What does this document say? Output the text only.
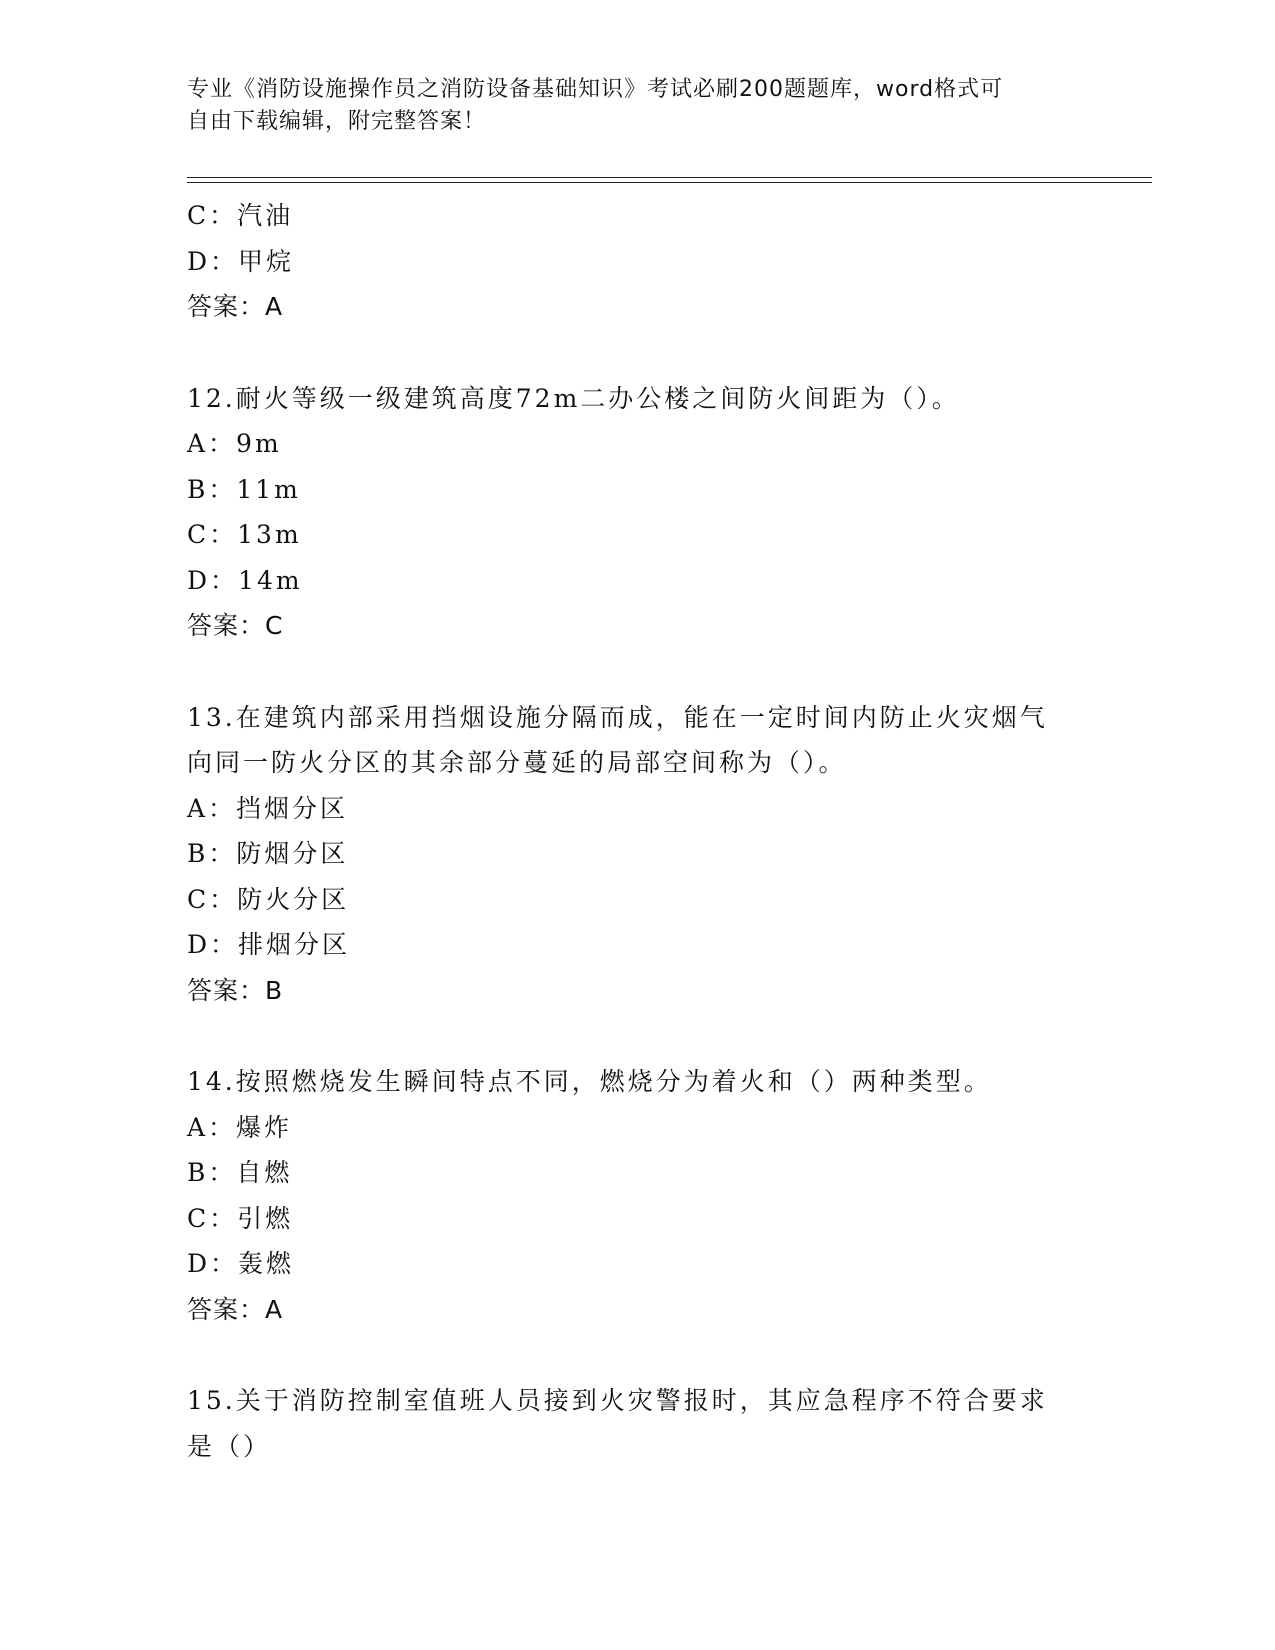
专业《消防设施操作员之消防设备基础知识》考试必刷200题题库，word格式可
自由下载编辑，附完整答案！
C：汽油
D：甲烷
答案：A
12.耐火等级一级建筑高度72m二办公楼之间防火间距为（）。
A：9m
B：11m
C：13m
D：14m
答案：C
13.在建筑内部采用挡烟设施分隔而成，能在一定时间内防止火灾烟气
向同一防火分区的其余部分蔓延的局部空间称为（）。
A：挡烟分区
B：防烟分区
C：防火分区
D：排烟分区
答案：B
14.按照燃烧发生瞬间特点不同，燃烧分为着火和（）两种类型。
A：爆炸
B：自燃
C：引燃
D：轰燃
答案：A
15.关于消防控制室值班人员接到火灾警报时，其应急程序不符合要求
是（）
